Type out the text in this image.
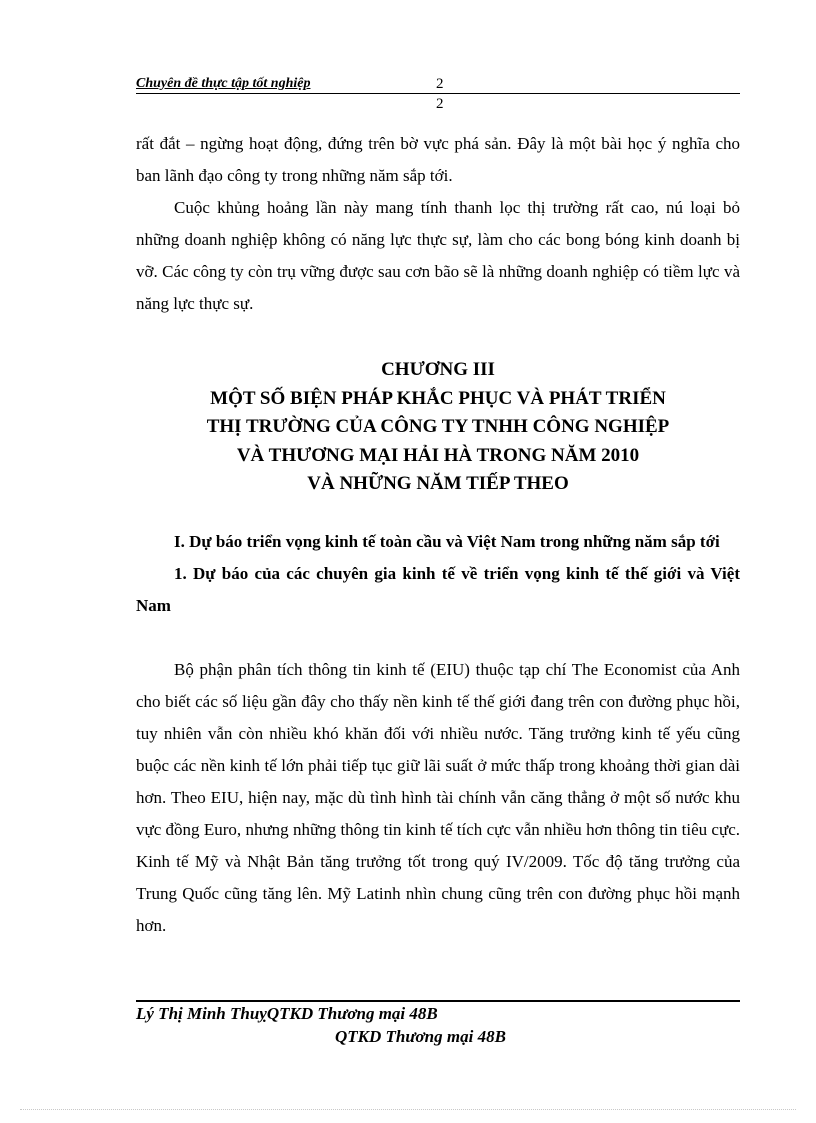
Chuyên đề thực tập tốt nghiệp	2
2

rất đắt – ngừng hoạt động, đứng trên bờ vực phá sản. Đây là một bài học ý nghĩa cho ban lãnh đạo công ty trong những năm sắp tới.

Cuộc khủng hoảng lần này mang tính thanh lọc thị trường rất cao, nú loại bỏ những doanh nghiệp không có năng lực thực sự, làm cho các bong bóng kinh doanh bị vỡ. Các công ty còn trụ vững được sau cơn bão sẽ là những doanh nghiệp có tiềm lực và năng lực thực sự.

CHƯƠNG III
MỘT SỐ BIỆN PHÁP KHẮC PHỤC VÀ PHÁT TRIỂN
THỊ TRƯỜNG CỦA CÔNG TY TNHH CÔNG NGHIỆP
VÀ THƯƠNG MẠI HẢI HÀ TRONG NĂM 2010
VÀ NHỮNG NĂM TIẾP THEO

I. Dự báo triển vọng kinh tế toàn cầu và Việt Nam trong những năm sắp tới

1. Dự báo của các chuyên gia kinh tế về triển vọng kinh tế thế giới và Việt Nam

Bộ phận phân tích thông tin kinh tế (EIU) thuộc tạp chí The Economist của Anh cho biết các số liệu gần đây cho thấy nền kinh tế thế giới đang trên con đường phục hồi, tuy nhiên vẫn còn nhiều khó khăn đối với nhiều nước. Tăng trưởng kinh tế yếu cũng buộc các nền kinh tế lớn phải tiếp tục giữ lãi suất ở mức thấp trong khoảng thời gian dài hơn. Theo EIU, hiện nay, mặc dù tình hình tài chính vẫn căng thẳng ở một số nước khu vực đồng Euro, nhưng những thông tin kinh tế tích cực vẫn nhiều hơn thông tin tiêu cực. Kinh tế Mỹ và Nhật Bản tăng trưởng tốt trong quý IV/2009. Tốc độ tăng trưởng của Trung Quốc cũng tăng lên. Mỹ Latinh nhìn chung cũng trên con đường phục hồi mạnh hơn.

Lý Thị Minh ThuỵQTKD Thương mại 48B
QTKD Thương mại 48B
